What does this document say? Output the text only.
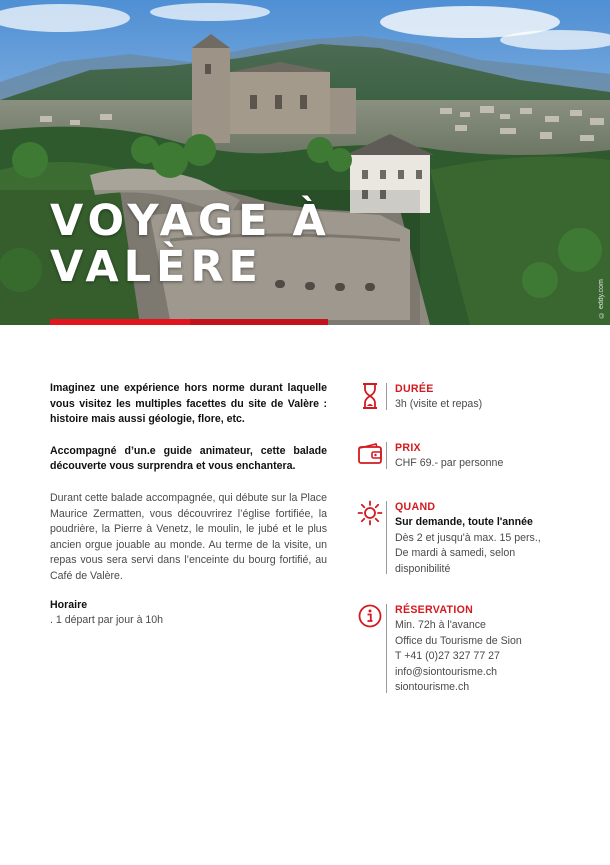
VOYAGE À
VALÈRE
© eddy.com

Imaginez une expérience hors norme durant laquelle vous visitez les multiples facettes du site de Valère : histoire mais aussi géologie, flore, etc.

Accompagné d’un.e guide animateur, cette balade découverte vous surprendra et vous enchantera.

Durant cette balade accompagnée, qui débute sur la Place Maurice Zermatten, vous découvrirez l’église fortifiée, la poudrière, la Pierre à Venetz, le moulin, le jubé et le plus ancien orgue jouable au monde. Au terme de la visite, un repas vous sera servi dans l’enceinte du bourg fortifié, au Café de Valère.

Horaire

. 1 départ par jour à 10h

DURÉE
3h (visite et repas)
PRIX
CHF 69.- par personne
QUAND
Sur demande, toute l'année
Dès 2 et jusqu'à max. 15 pers.,
De mardi à samedi, selon
disponibilité
RÉSERVATION
Min. 72h à l'avance
Office du Tourisme de Sion
T +41 (0)27 327 77 27
info@siontourisme.ch
siontourisme.ch
